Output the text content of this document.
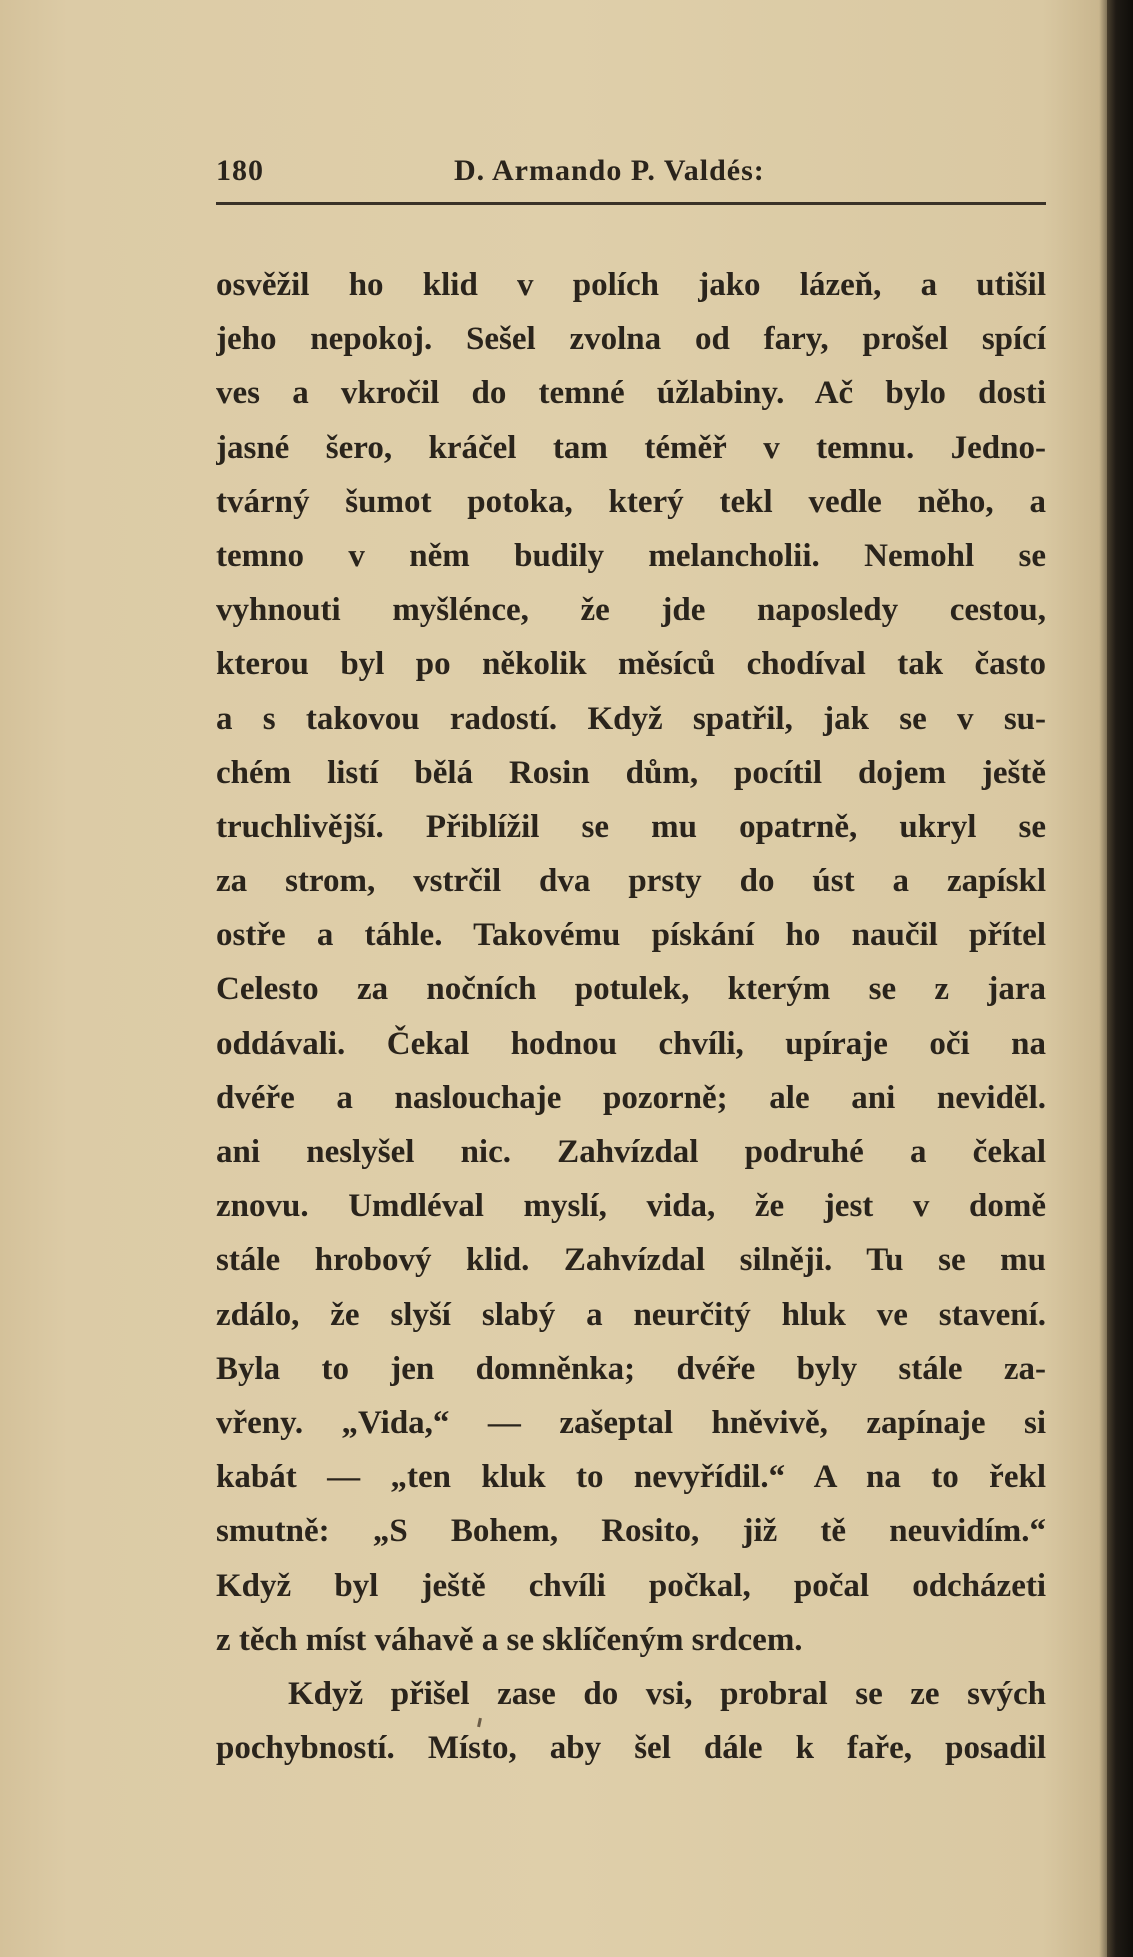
180	D. Armando P. Valdés:
osvěžil ho klid v polích jako lázeň, a utišil
jeho nepokoj. Sešel zvolna od fary, prošel spící
ves a vkročil do temné úžlabiny. Ač bylo dosti
jasné šero, kráčel tam téměř v temnu. Jedno-
tvárný šumot potoka, který tekl vedle něho, a
temno v něm budily melancholii. Nemohl se
vyhnouti myšlénce, že jde naposledy cestou,
kterou byl po několik měsíců chodíval tak často
a s takovou radostí. Když spatřil, jak se v su-
chém listí bělá Rosin dům, pocítil dojem ještě
truchlivější. Přiblížil se mu opatrně, ukryl se
za strom, vstrčil dva prsty do úst a zapískl
ostře a táhle. Takovému pískání ho naučil přítel
Celesto za nočních potulek, kterým se z jara
oddávali. Čekal hodnou chvíli, upíraje oči na
dvéře a naslouchaje pozorně; ale ani neviděl.
ani neslyšel nic. Zahvízdal podruhé a čekal
znovu. Umdléval myslí, vida, že jest v domě
stále hrobový klid. Zahvízdal silněji. Tu se mu
zdálo, že slyší slabý a neurčitý hluk ve stavení.
Byla to jen domněnka; dvéře byly stále za-
vřeny. „Vida,“ — zašeptal hněvivě, zapínaje si
kabát — „ten kluk to nevyřídil.“ A na to řekl
smutně: „S Bohem, Rosito, již tě neuvidím.“
Když byl ještě chvíli počkal, počal odcházeti
z těch míst váhavě a se sklíčeným srdcem.
Když přišel zase do vsi, probral se ze svých
pochybností. Místo, aby šel dále k faře, posadil
